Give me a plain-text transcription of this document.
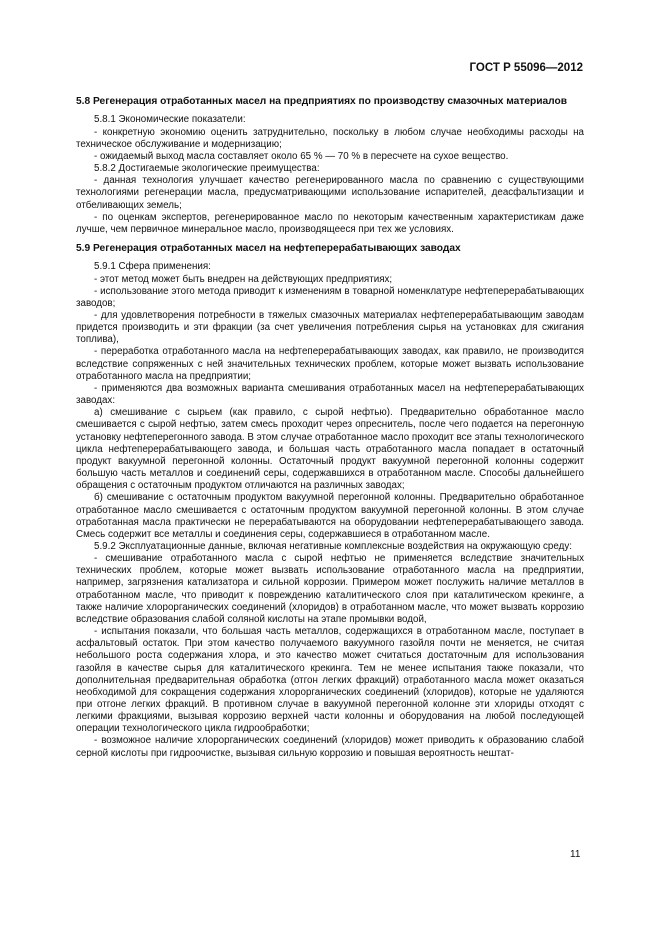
ГОСТ Р 55096—2012

5.8 Регенерация отработанных масел на предприятиях по производству смазочных материалов

5.8.1 Экономические показатели:

- конкретную экономию оценить затруднительно, поскольку в любом случае необходимы расходы на техническое обслуживание и модернизацию;

- ожидаемый выход масла составляет около 65 % — 70 % в пересчете на сухое вещество.

5.8.2 Достигаемые экологические преимущества:

- данная технология улучшает качество регенерированного масла по сравнению с существующими технологиями регенерации масла, предусматривающими использование испарителей, деасфальтизации и отбеливающих земель;

- по оценкам экспертов, регенерированное масло по некоторым качественным характеристикам даже лучше, чем первичное минеральное масло, производящееся при тех же условиях.

5.9 Регенерация отработанных масел на нефтеперерабатывающих заводах

5.9.1 Сфера применения:

- этот метод может быть внедрен на действующих предприятиях;

- использование этого метода приводит к изменениям в товарной номенклатуре нефтеперерабатывающих заводов;

- для удовлетворения потребности в тяжелых смазочных материалах нефтеперерабатывающим заводам придется производить и эти фракции (за счет увеличения потребления сырья на установках для сжигания топлива),

- переработка отработанного масла на нефтеперерабатывающих заводах, как правило, не производится вследствие сопряженных с ней значительных технических проблем, которые может вызвать использование отработанного масла на предприятии;

- применяются два возможных варианта смешивания отработанных масел на нефтеперерабатывающих заводах:

а) смешивание с сырьем (как правило, с сырой нефтью). Предварительно обработанное масло смешивается с сырой нефтью, затем смесь проходит через опреснитель, после чего подается на перегонную установку нефтеперегонного завода. В этом случае отработанное масло проходит все этапы технологического цикла нефтеперерабатывающего завода, и большая часть отработанного масла попадает в остаточный продукт вакуумной перегонной колонны. Остаточный продукт вакуумной перегонной колонны содержит большую часть металлов и соединений серы, содержавшихся в отработанном масле. Способы дальнейшего обращения с остаточным продуктом отличаются на различных заводах;

б) смешивание с остаточным продуктом вакуумной перегонной колонны. Предварительно обработанное отработанное масло смешивается с остаточным продуктом вакуумной перегонной колонны. В этом случае отработанная масла практически не перерабатываются на оборудовании нефтеперерабатывающего завода. Смесь содержит все металлы и соединения серы, содержавшиеся в отработанном масле.

5.9.2 Эксплуатационные данные, включая негативные комплексные воздействия на окружающую среду:

- смешивание отработанного масла с сырой нефтью не применяется вследствие значительных технических проблем, которые может вызвать использование отработанного масла на предприятии, например, загрязнения катализатора и сильной коррозии. Примером может послужить наличие металлов в отработанном масле, что приводит к повреждению каталитического слоя при каталитическом крекинге, а также наличие хлорорганических соединений (хлоридов) в отработанном масле, что может вызвать коррозию вследствие образования слабой соляной кислоты на этапе промывки водой,

- испытания показали, что большая часть металлов, содержащихся в отработанном масле, поступает в асфальтовый остаток. При этом качество получаемого вакуумного газойля почти не меняется, не считая небольшого роста содержания хлора, и это качество может считаться достаточным для использования газойля в качестве сырья для каталитического крекинга. Тем не менее испытания также показали, что дополнительная предварительная обработка (отгон легких фракций) отработанного масла может оказаться необходимой для сокращения содержания хлорорганических соединений (хлоридов), которые не удаляются при отгоне легких фракций. В противном случае в вакуумной перегонной колонне эти хлориды отходят с легкими фракциями, вызывая коррозию верхней части колонны и оборудования на любой последующей операции технологического цикла гидрообработки;

- возможное наличие хлорорганических соединений (хлоридов) может приводить к образованию слабой серной кислоты при гидроочистке, вызывая сильную коррозию и повышая вероятность нештат-

11
